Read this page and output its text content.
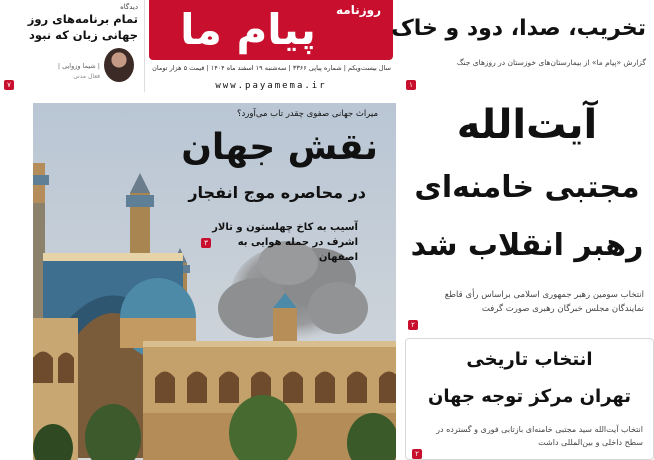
دیدگاه
تمام برنامه‌های روز جهانی زبان که نبود
| شیما وزوایی |
فعال مدنی
۷
روزنامه
پیام ما
سال بیست‌ویکم | شماره پیاپی ۳۳۶۶ | سه‌شنبه ۱۹ اسفند ماه ۱۴۰۴ | قیمت ۵ هزار تومان
www.payamema.ir
تخریب، صدا، دود و خاک
گزارش «پیام ما» از بیمارستان‌های خوزستان در روزهای جنگ
۱
میراث جهانی صفوی چقدر تاب می‌آورد؟
نقش جهان
در محاصره موج انفجار
آسیب به کاخ چهلستون و تالار اشرف در حمله هوایی به اصفهان
۳
آیت‌الله
مجتبی خامنه‌ای
رهبر انقلاب شد
انتخاب سومین رهبر جمهوری اسلامی براساس رأی قاطع نمایندگان مجلس خبرگان رهبری صورت گرفت
۲
انتخاب تاریخی
تهران مرکز توجه جهان
انتخاب آیت‌الله سید مجتبی خامنه‌ای بازتابی فوری و گسترده در سطح داخلی و بین‌المللی داشت
۲
